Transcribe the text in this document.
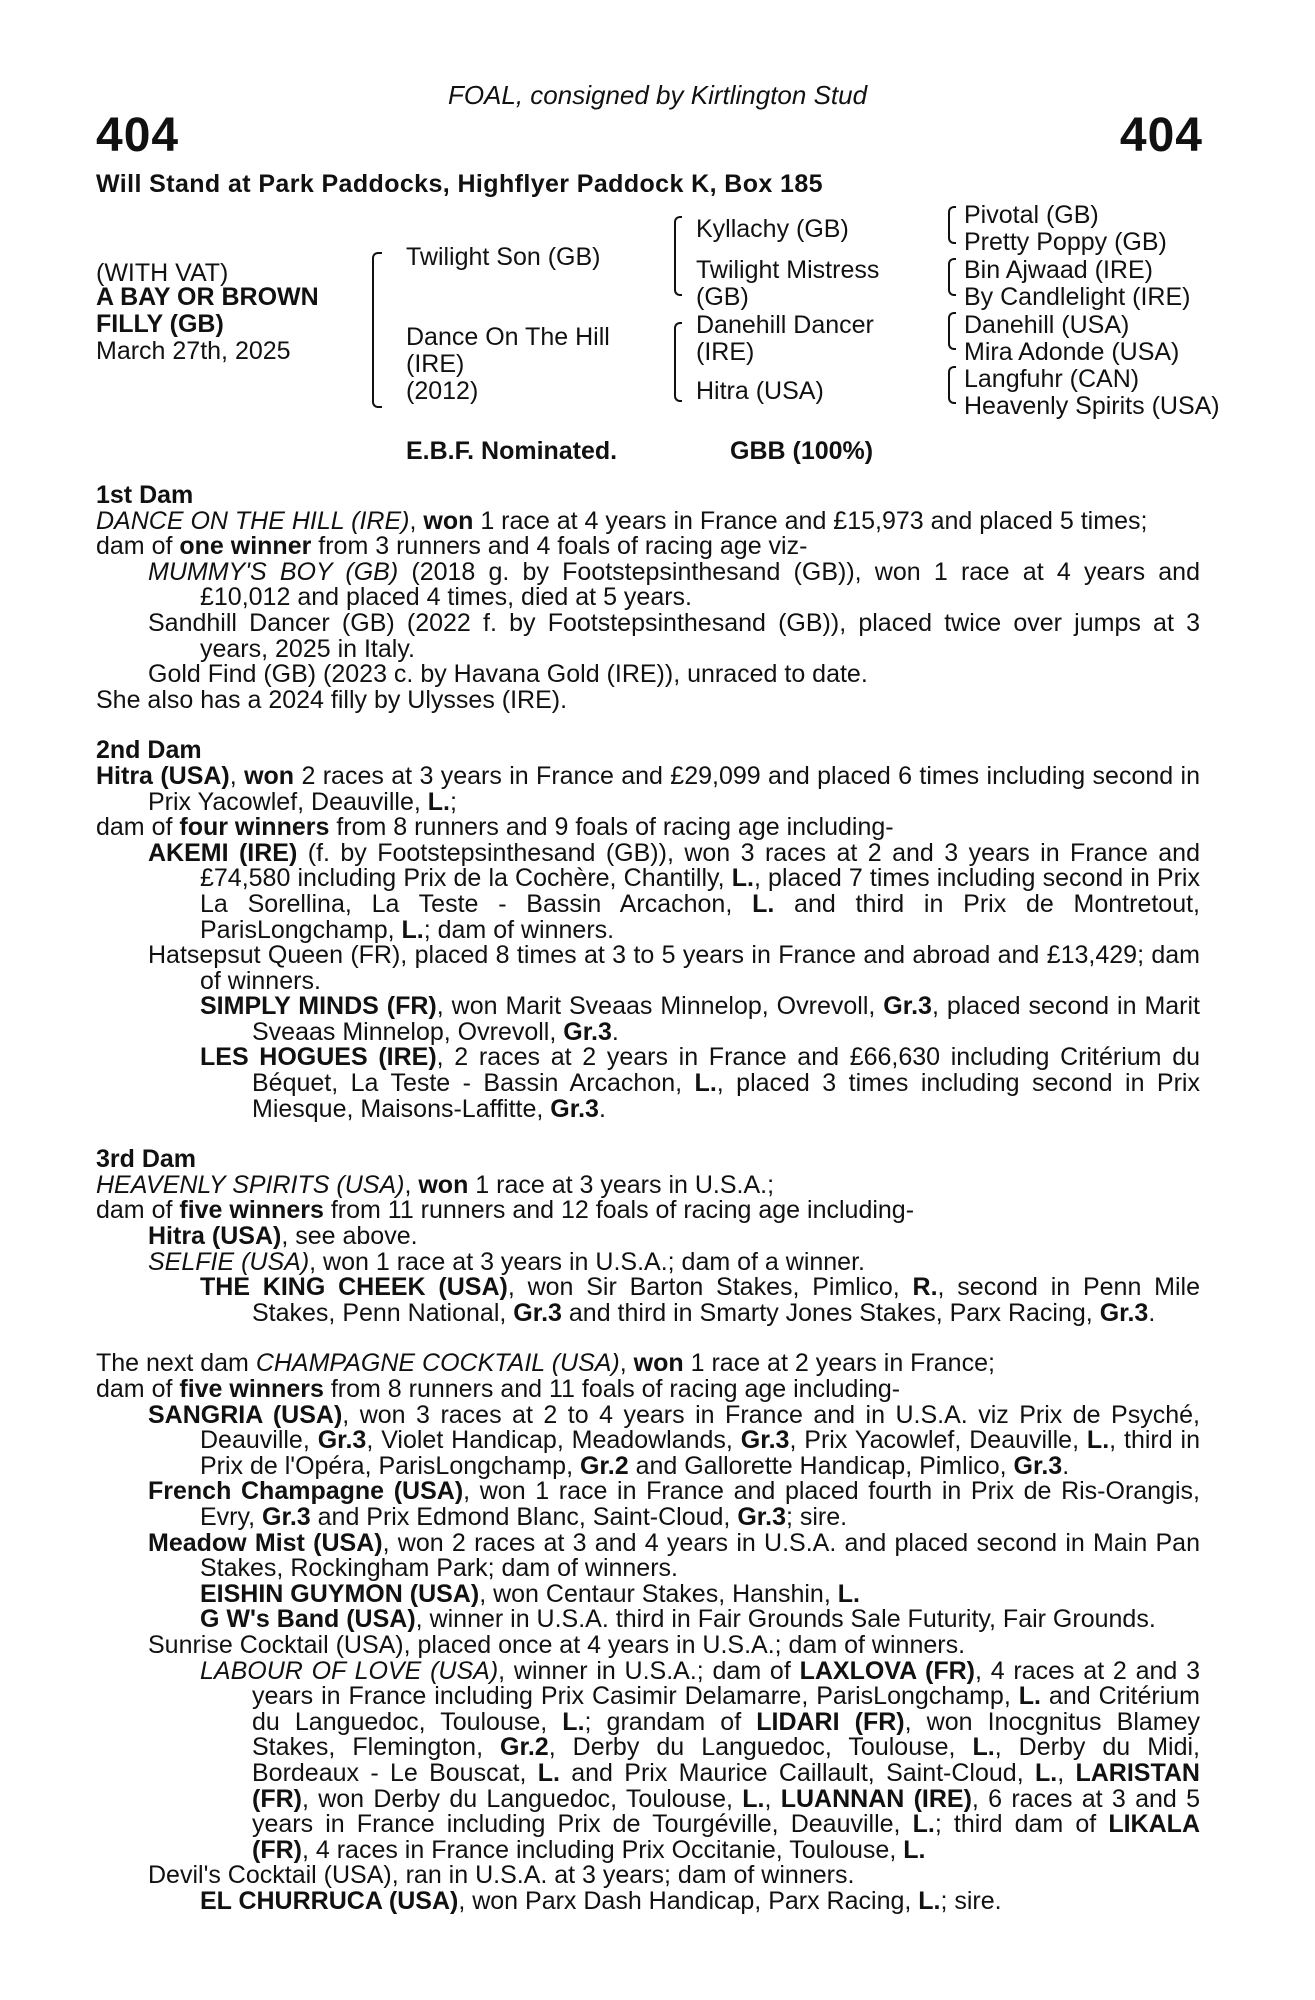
404	404
FOAL, consigned by Kirtlington Stud
Will Stand at Park Paddocks, Highflyer Paddock K, Box 185
(WITH VAT)
A BAY OR BROWN
FILLY (GB)
March 27th, 2025
Twilight Son (GB)
Dance On The Hill
(IRE)
(2012)
Kyllachy (GB)
Twilight Mistress
(GB)
Danehill Dancer
(IRE)
Hitra (USA)
Pivotal (GB)
Pretty Poppy (GB)
Bin Ajwaad (IRE)
By Candlelight (IRE)
Danehill (USA)
Mira Adonde (USA)
Langfuhr (CAN)
Heavenly Spirits (USA)
E.B.F. Nominated.	GBB (100%)
1st Dam

DANCE ON THE HILL (IRE), won 1 race at 4 years in France and £15,973 and placed 5 times;

dam of one winner from 3 runners and 4 foals of racing age viz-

MUMMY'S BOY (GB) (2018 g. by Footstepsinthesand (GB)), won 1 race at 4 years and £10,012 and placed 4 times, died at 5 years.

Sandhill Dancer (GB) (2022 f. by Footstepsinthesand (GB)), placed twice over jumps at 3 years, 2025 in Italy.

Gold Find (GB) (2023 c. by Havana Gold (IRE)), unraced to date.

She also has a 2024 filly by Ulysses (IRE).

2nd Dam

Hitra (USA), won 2 races at 3 years in France and £29,099 and placed 6 times including second in Prix Yacowlef, Deauville, L.;

dam of four winners from 8 runners and 9 foals of racing age including-

AKEMI (IRE) (f. by Footstepsinthesand (GB)), won 3 races at 2 and 3 years in France and £74,580 including Prix de la Cochère, Chantilly, L., placed 7 times including second in Prix La Sorellina, La Teste - Bassin Arcachon, L. and third in Prix de Montretout, ParisLongchamp, L.; dam of winners.

Hatsepsut Queen (FR), placed 8 times at 3 to 5 years in France and abroad and £13,429; dam of winners.

SIMPLY MINDS (FR), won Marit Sveaas Minnelop, Ovrevoll, Gr.3, placed second in Marit Sveaas Minnelop, Ovrevoll, Gr.3.

LES HOGUES (IRE), 2 races at 2 years in France and £66,630 including Critérium du Béquet, La Teste - Bassin Arcachon, L., placed 3 times including second in Prix Miesque, Maisons-Laffitte, Gr.3.

3rd Dam

HEAVENLY SPIRITS (USA), won 1 race at 3 years in U.S.A.;

dam of five winners from 11 runners and 12 foals of racing age including-

Hitra (USA), see above.

SELFIE (USA), won 1 race at 3 years in U.S.A.; dam of a winner.

THE KING CHEEK (USA), won Sir Barton Stakes, Pimlico, R., second in Penn Mile Stakes, Penn National, Gr.3 and third in Smarty Jones Stakes, Parx Racing, Gr.3.

The next dam CHAMPAGNE COCKTAIL (USA), won 1 race at 2 years in France;

dam of five winners from 8 runners and 11 foals of racing age including-

SANGRIA (USA), won 3 races at 2 to 4 years in France and in U.S.A. viz Prix de Psyché, Deauville, Gr.3, Violet Handicap, Meadowlands, Gr.3, Prix Yacowlef, Deauville, L., third in Prix de l'Opéra, ParisLongchamp, Gr.2 and Gallorette Handicap, Pimlico, Gr.3.

French Champagne (USA), won 1 race in France and placed fourth in Prix de Ris-Orangis, Evry, Gr.3 and Prix Edmond Blanc, Saint-Cloud, Gr.3; sire.

Meadow Mist (USA), won 2 races at 3 and 4 years in U.S.A. and placed second in Main Pan Stakes, Rockingham Park; dam of winners.

EISHIN GUYMON (USA), won Centaur Stakes, Hanshin, L.

G W's Band (USA), winner in U.S.A. third in Fair Grounds Sale Futurity, Fair Grounds.

Sunrise Cocktail (USA), placed once at 4 years in U.S.A.; dam of winners.

LABOUR OF LOVE (USA), winner in U.S.A.; dam of LAXLOVA (FR), 4 races at 2 and 3 years in France including Prix Casimir Delamarre, ParisLongchamp, L. and Critérium du Languedoc, Toulouse, L.; grandam of LIDARI (FR), won Inocgnitus Blamey Stakes, Flemington, Gr.2, Derby du Languedoc, Toulouse, L., Derby du Midi, Bordeaux - Le Bouscat, L. and Prix Maurice Caillault, Saint-Cloud, L., LARISTAN (FR), won Derby du Languedoc, Toulouse, L., LUANNAN (IRE), 6 races at 3 and 5 years in France including Prix de Tourgéville, Deauville, L.; third dam of LIKALA (FR), 4 races in France including Prix Occitanie, Toulouse, L.

Devil's Cocktail (USA), ran in U.S.A. at 3 years; dam of winners.

EL CHURRUCA (USA), won Parx Dash Handicap, Parx Racing, L.; sire.
